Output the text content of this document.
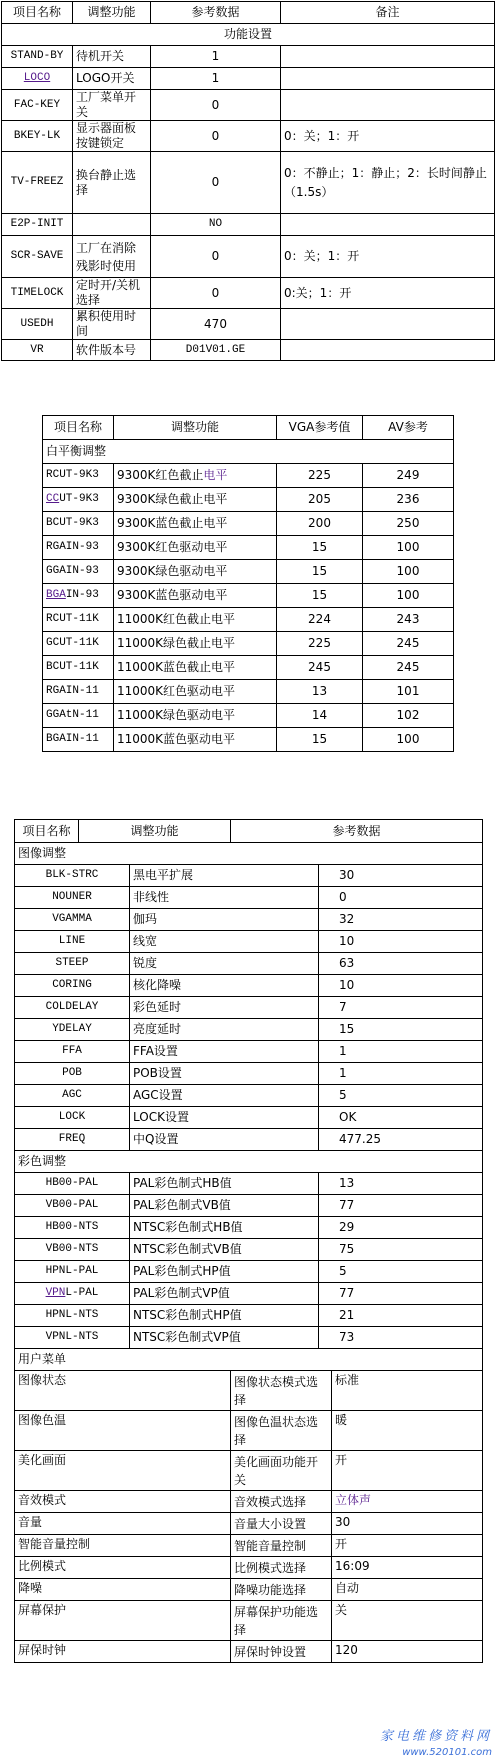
项目名称	调整功能	参考数据	备注
功能设置			
STAND-BY	待机开关	1	
LOCO	LOGO开关	1	
FAC-KEY	工厂菜单开关	0	
BKEY-LK	显示器面板按键锁定	0	0：关；1：开
TV-FREEZ	换台静止选择	0	0：不静止；1：静止；2：长时间静止（1.5s）
E2P-INIT		NO	
SCR-SAVE	工厂在消除残影时使用	0	0：关；1：开
TIMELOCK	定时开/关机选择	0	0:关；1：开
USEDH	累积使用时间	470	
VR	软件版本号	D01V01.GE	
项目名称	调整功能	VGA参考值	AV参考
白平衡调整			
RCUT-9K3	9300K红色截止电平	225	249
CCUT-9K3	9300K绿色截止电平	205	236
BCUT-9K3	9300K蓝色截止电平	200	250
RGAIN-93	9300K红色驱动电平	15	100
GGAIN-93	9300K绿色驱动电平	15	100
BGAIN-93	9300K蓝色驱动电平	15	100
RCUT-11K	11000K红色截止电平	224	243
GCUT-11K	11000K绿色截止电平	225	245
BCUT-11K	11000K蓝色截止电平	245	245
RGAIN-11	11000K红色驱动电平	13	101
GGAtN-11	11000K绿色驱动电平	14	102
BGAIN-11	11000K蓝色驱动电平	15	100
项目名称	调整功能		参考数据		
图像调整					
BLK-STRC		黑电平扩展		30	
NOUNER		非线性		0	
VGAMMA		伽玛		32	
LINE		线宽		10	
STEEP		锐度		63	
CORING		核化降噪		10	
COLDELAY		彩色延时		7	
YDELAY		亮度延时		15	
FFA		FFA设置		1	
POB		POB设置		1	
AGC		AGC设置		5	
LOCK		LOCK设置		OK	
FREQ		中Q设置		477.25	
彩色调整					
HB00-PAL		PAL彩色制式HB值		13	
VB00-PAL		PAL彩色制式VB值		77	
HB00-NTS		NTSC彩色制式HB值		29	
VB00-NTS		NTSC彩色制式VB值		75	
HPNL-PAL		PAL彩色制式HP值		5	
VPNL-PAL		PAL彩色制式VP值		77	
HPNL-NTS		NTSC彩色制式HP值		21	
VPNL-NTS		NTSC彩色制式VP值		73	
用户菜单					
图像状态			图像状态模式选择		标准
图像色温			图像色温状态选择		暖
美化画面			美化画面功能开关		开
音效模式			音效模式选择		立体声
音量			音量大小设置		30
智能音量控制			智能音量控制		开
比例模式			比例模式选择		16:09
降噪			降噪功能选择		自动
屏幕保护			屏幕保护功能选择		关
屏保时钟			屏保时钟设置		120
家电维修资料网
www.520101.com
